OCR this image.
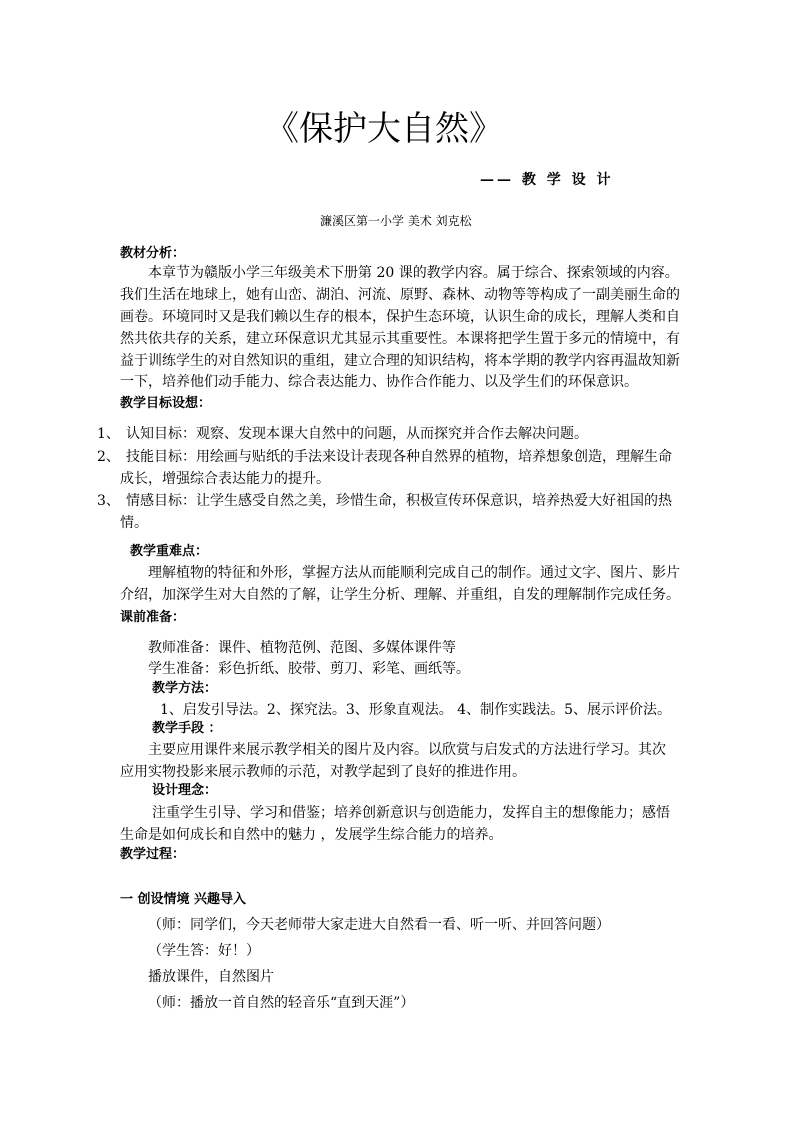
《保护大自然》
—— 教 学 设 计
濂溪区第一小学 美术 刘克松
教材分析：
本章节为赣版小学三年级美术下册第 20 课的教学内容。属于综合、探索领域的内容。
我们生活在地球上，她有山峦、湖泊、河流、原野、森林、动物等等构成了一副美丽生命的
画卷。环境同时又是我们赖以生存的根本，保护生态环境，认识生命的成长，理解人类和自
然共依共存的关系，建立环保意识尤其显示其重要性。本课将把学生置于多元的情境中，有
益于训练学生的对自然知识的重组，建立合理的知识结构，将本学期的教学内容再温故知新
一下，培养他们动手能力、综合表达能力、协作合作能力、以及学生们的环保意识。
教学目标设想：
1、 认知目标：观察、发现本课大自然中的问题，从而探究并合作去解决问题。
2、 技能目标：用绘画与贴纸的手法来设计表现各种自然界的植物，培养想象创造，理解生命
成长，增强综合表达能力的提升。
3、 情感目标：让学生感受自然之美，珍惜生命，积极宣传环保意识，培养热爱大好祖国的热
情。
教学重难点：
理解植物的特征和外形，掌握方法从而能顺利完成自己的制作。通过文字、图片、影片
介绍，加深学生对大自然的了解，让学生分析、理解、并重组，自发的理解制作完成任务。
课前准备：
教师准备：课件、植物范例、范图、多媒体课件等
学生准备：彩色折纸、胶带、剪刀、彩笔、画纸等。
教学方法：
1、启发引导法。2、探究法。3、形象直观法。 4、制作实践法。5、展示评价法。
教学手段 ：
主要应用课件来展示教学相关的图片及内容。以欣赏与启发式的方法进行学习。其次
应用实物投影来展示教师的示范，对教学起到了良好的推进作用。
设计理念：
注重学生引导、学习和借鉴；培养创新意识与创造能力，发挥自主的想像能力；感悟
生命是如何成长和自然中的魅力 ，发展学生综合能力的培养。
教学过程：
一 创设情境 兴趣导入
（师：同学们，今天老师带大家走进大自然看一看、听一听、并回答问题）
（学生答：好！）
播放课件，自然图片
（师：播放一首自然的轻音乐“直到天涯”）
